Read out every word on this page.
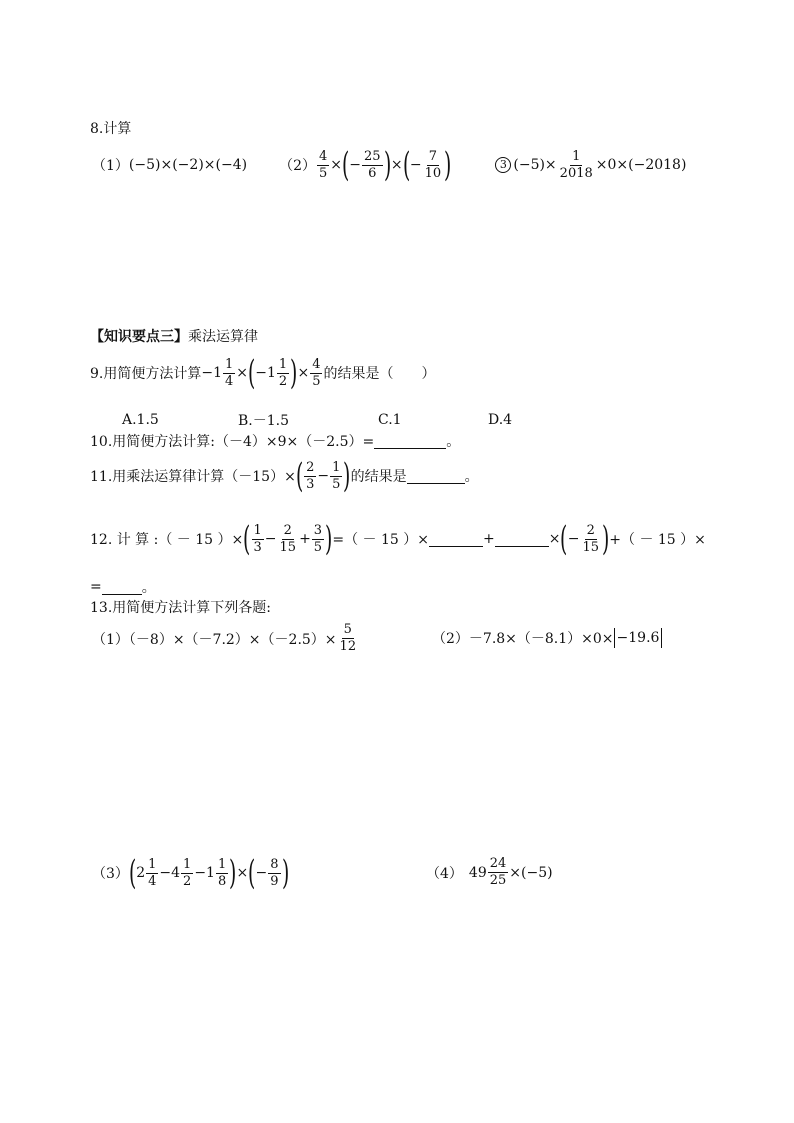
8.计算
（1） (−5)×(−2)×(−4) $(2) \frac{4}{5}$ × ( − $\frac{25}{6}$ ) × ( − $\frac{7}{10}$ )	3 $(-5)\times \frac{1}{2018} \times 0\times(-2018)$
【 知识要点三 】 乘法运算律
9.用简便方法计算 $-1 \frac{1}{4}$ × ( $-1 \frac{1}{2}$ ) × $\frac{4}{5}$ 的结果是（　　）
A.1.5	B.－1.5	C.1	D.4
10.用简便方法计算:（－4）×9×（－2.5）=	。
11.用乘法运算律计算（－15）× ( $\frac{2}{3} - \frac{1}{5}$ ) 的结果是	。
12. 计 算 :（ － 15 ）× ( $\frac{1}{3} - \frac{2}{15} + \frac{3}{5}$ ) =（ － 15 ）×	+	× ( − $\frac{2}{15}$ ) +（ － 15 ）×
=	。
13.用简便方法计算下列各题:
$(1)(-8)\times(-7.2)\times(-2.5)\times \frac{5}{12}$	（2）－7.8×（－8.1）×0× −19.6
（3） ( $2 \frac{1}{4} -4 \frac{1}{2} -1 \frac{1}{8}$ ) × ( − $\frac{8}{9}$ )	（4） $49 \frac{24}{25} \times(-5)$
